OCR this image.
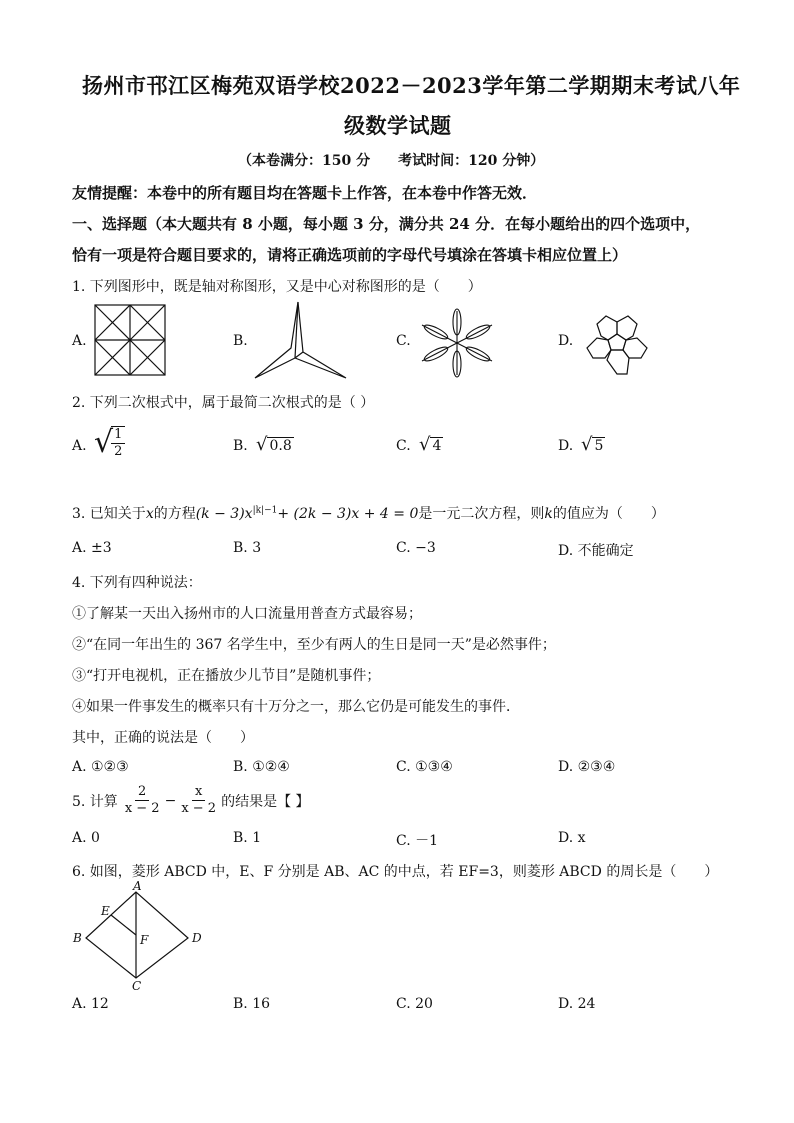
扬州市邗江区梅苑双语学校2022－2023学年第二学期期末考试八年
级数学试题
（本卷满分：150 分　　考试时间：120 分钟）
友情提醒：本卷中的所有题目均在答题卡上作答，在本卷中作答无效．
一、选择题（本大题共有 8 小题，每小题 3 分，满分共 24 分．在每小题给出的四个选项中，
恰有一项是符合题目要求的，请将正确选项前的字母代号填涂在答填卡相应位置上）
1. 下列图形中，既是轴对称图形，又是中心对称图形的是（　　）
A.	B.	C.	D.
2. 下列二次根式中，属于最简二次根式的是（ ）
A. √
$\frac{1}{2}$	B. √ 0.8	C. √ 4	D. √ 5
3. 已知关于x的方程$(k - 3)x^{|k|-1}+ (2k - 3)x + 4 = 0$是一元二次方程，则k的值应为（　　）
A. ±3	B. 3	C. −3	D. 不能确定
4. 下列有四种说法：
①了解某一天出入扬州市的人口流量用普查方式最容易；
②“在同一年出生的 367 名学生中，至少有两人的生日是同一天”是必然事件；
③“打开电视机，正在播放少儿节目”是随机事件；
④如果一件事发生的概率只有十万分之一，那么它仍是可能发生的事件．
其中，正确的说法是（　　）
A. ①②③	B. ①②④	C. ①③④	D. ②③④
5. 计算 $\frac{2}{x - 2} - \frac{x}{x - 2}$ 的结果是【 】
A. 0	B. 1	C. －1	D. x
6. 如图，菱形 ABCD 中，E、F 分别是 AB、AC 的中点，若 EF=3，则菱形 ABCD 的周长是（　　）
A
B
C
D
E
F
A. 12	B. 16	C. 20	D. 24
